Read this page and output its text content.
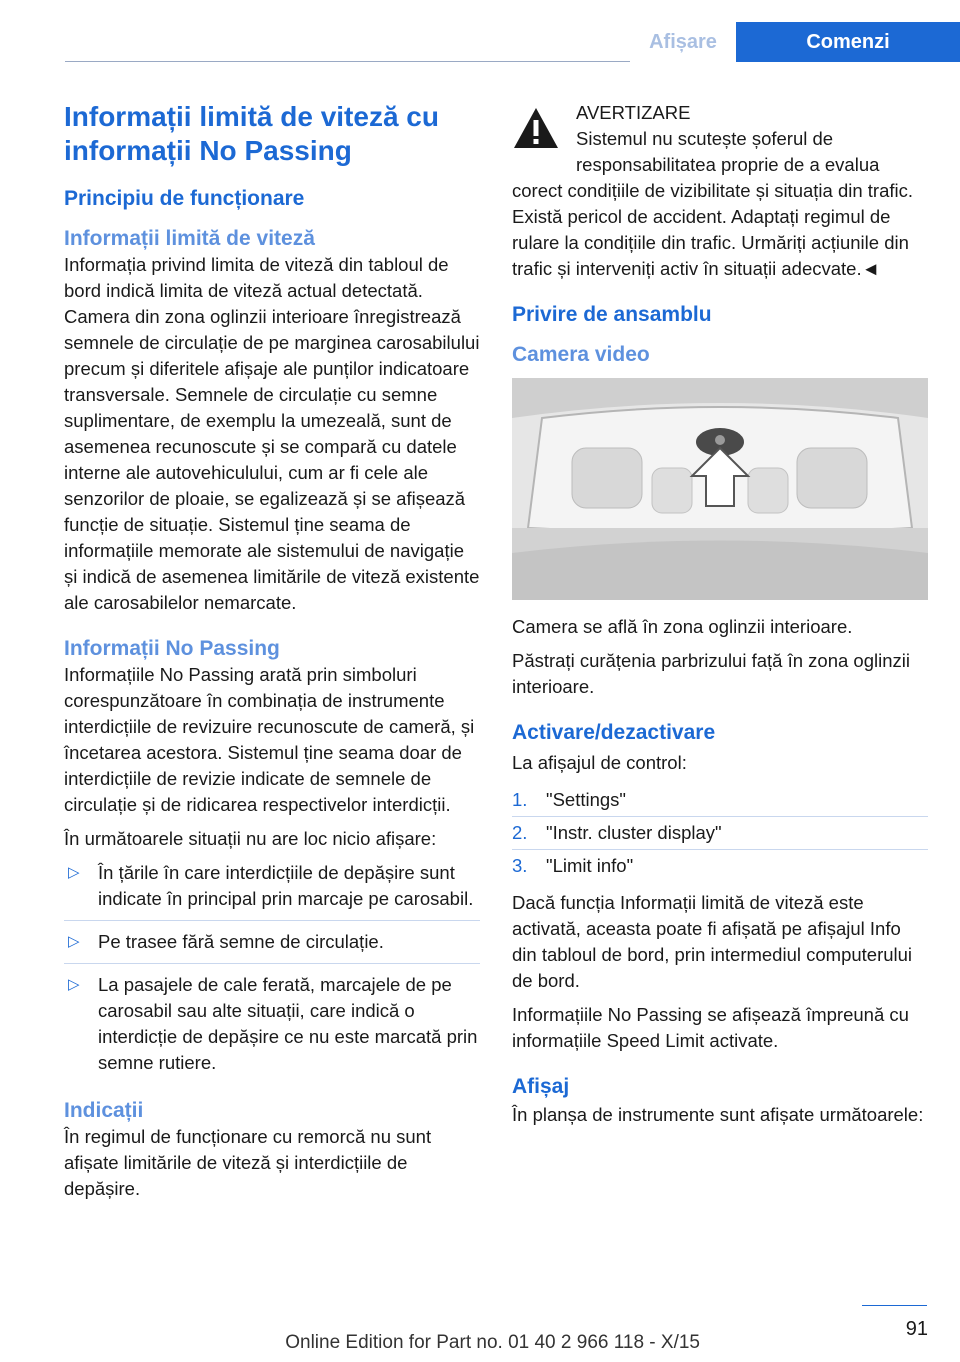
Afișare	Comenzi
Informații limită de viteză cu informații No Passing
Principiu de funcționare
Informații limită de viteză

Informația privind limita de viteză din tabloul de bord indică limita de viteză actual detectată. Camera din zona oglinzii interioare înregistrează semnele de circulație de pe marginea carosabilului precum și diferitele afișaje ale punților indicatoare transversale. Semnele de circulație cu semne suplimentare, de exemplu la umezeală, sunt de asemenea recunoscute și se compară cu datele interne ale autovehiculului, cum ar fi cele ale senzorilor de ploaie, se egalizează și se afișează funcție de situație. Sistemul ține seama de informațiile memorate ale sistemului de navigație și indică de asemenea limitările de viteză existente ale carosabilelor nemarcate.

Informații No Passing

Informațiile No Passing arată prin simboluri corespunzătoare în combinația de instrumente interdicțiile de revizuire recunoscute de cameră, și încetarea acestora. Sistemul ține seama doar de interdicțiile de revizie indicate de semnele de circulație și de ridicarea respectivelor interdicții.

În următoarele situații nu are loc nicio afișare:

▷ În țările în care interdicțiile de depășire sunt indicate în principal prin marcaje pe carosabil.
▷ Pe trasee fără semne de circulație.
▷ La pasajele de cale ferată, marcajele de pe carosabil sau alte situații, care indică o interdicție de depășire ce nu este marcată prin semne rutiere.
Indicații

În regimul de funcționare cu remorcă nu sunt afișate limitările de viteză și interdicțiile de depășire.

AVERTIZARE

Sistemul nu scutește șoferul de responsabilitatea proprie de a evalua corect condițiile de vizibilitate și situația din trafic. Există pericol de accident. Adaptați regimul de rulare la condițiile din trafic. Urmăriți acțiunile din trafic și interveniți activ în situații adecvate.◄

Privire de ansamblu
Camera video

Camera se află în zona oglinzii interioare.

Păstrați curățenia parbrizului față în zona oglinzii interioare.

Activare/dezactivare

La afișajul de control:

1. "Settings"
2. "Instr. cluster display"
3. "Limit info"

Dacă funcția Informații limită de viteză este activată, aceasta poate fi afișată pe afișajul Info din tabloul de bord, prin intermediul computerului de bord.

Informațiile No Passing se afișează împreună cu informațiile Speed Limit activate.

Afișaj

În planșa de instrumente sunt afișate următoarele:

91
Online Edition for Part no. 01 40 2 966 118 - X/15
